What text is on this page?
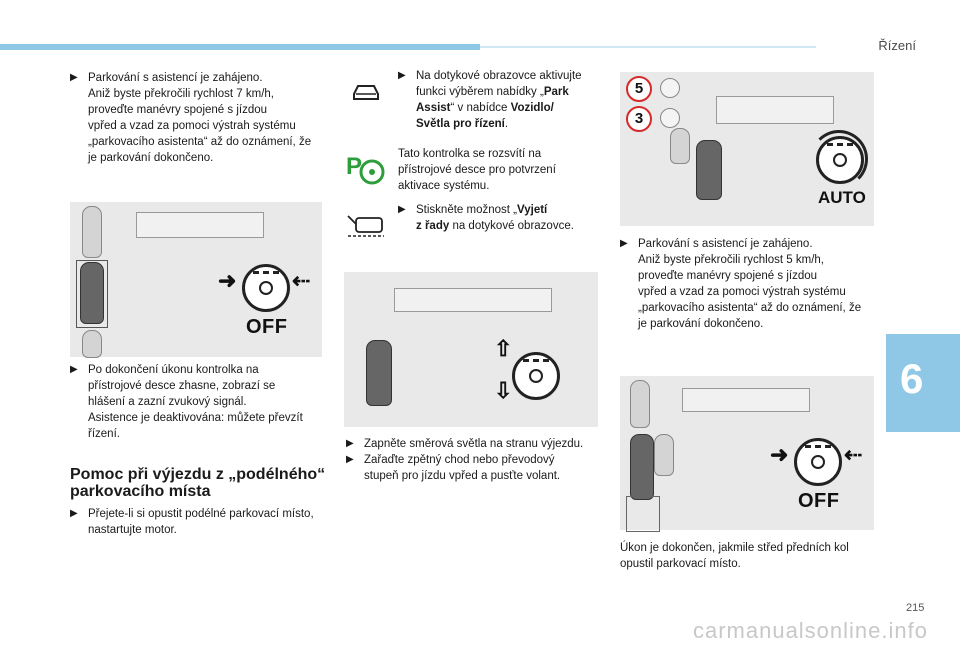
Řízení
6
215
carmanualsonline.info
▶ Parkování s asistencí je zahájeno.
Aniž byste překročili rychlost 7 km/h,
proveďte manévry spojené s jízdou
vpřed a vzad za pomoci výstrah systému
„parkovacího asistenta“ až do oznámení, že
je parkování dokončeno.
➜	⇠
OFF
▶ Po dokončení úkonu kontrolka na
přístrojové desce zhasne, zobrazí se
hlášení a zazní zvukový signál.
Asistence je deaktivována: můžete převzít
řízení.
Pomoc při výjezdu z „podélného“
parkovacího místa
▶ Přejete-li si opustit podélné parkovací místo,
nastartujte motor.
▶ Na dotykové obrazovce aktivujte
funkci výběrem nabídky „Park
Assist“ v nabídce Vozidlo/
Světla pro řízení.
P	Tato kontrolka se rozsvítí na
přístrojové desce pro potvrzení
aktivace systému.
▶ Stiskněte možnost „Vyjetí
z řady na dotykové obrazovce.
⇧
⇩
▶ Zapněte směrová světla na stranu výjezdu.
▶ Zařaďte zpětný chod nebo převodový
stupeň pro jízdu vpřed a pusťte volant.
5
3
AUTO
▶ Parkování s asistencí je zahájeno.
Aniž byste překročili rychlost 5 km/h,
proveďte manévry spojené s jízdou
vpřed a vzad za pomoci výstrah systému
„parkovacího asistenta“ až do oznámení, že
je parkování dokončeno.
➜	⇠
OFF
Úkon je dokončen, jakmile střed předních kol
opustil parkovací místo.
